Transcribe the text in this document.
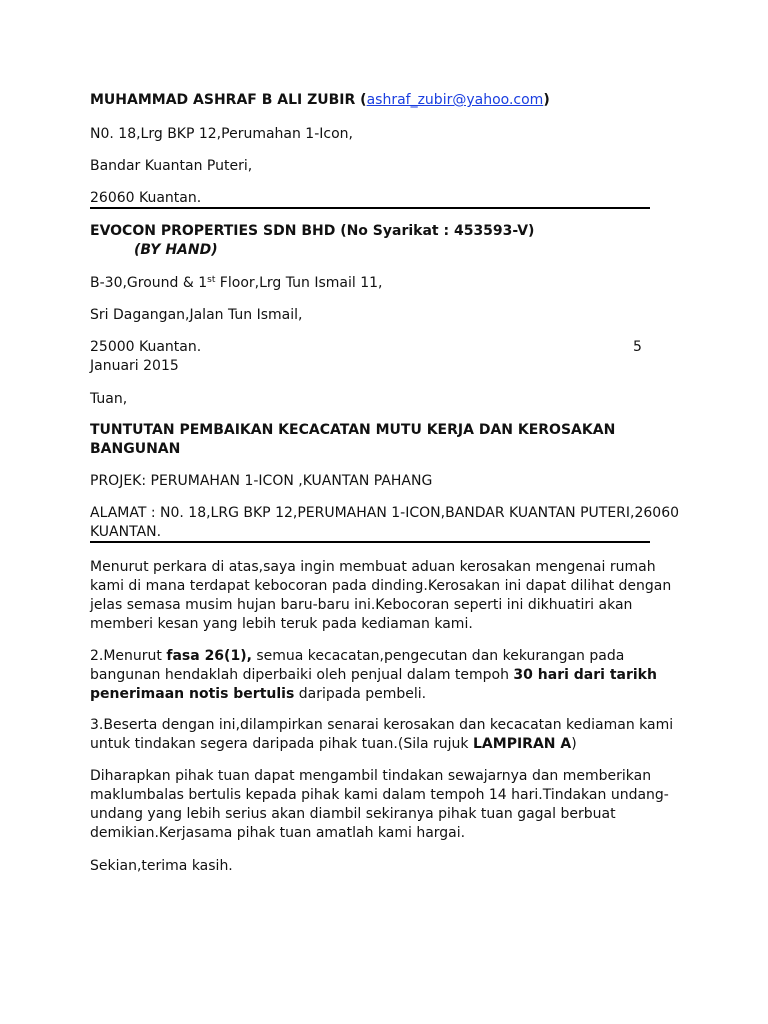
MUHAMMAD ASHRAF B ALI ZUBIR (ashraf_zubir@yahoo.com)
N0. 18,Lrg BKP 12,Perumahan 1-Icon,
Bandar Kuantan Puteri,
26060 Kuantan.
EVOCON PROPERTIES SDN BHD (No Syarikat : 453593-V)
(BY HAND)
B-30,Ground & 1st Floor,Lrg Tun Ismail 11,
Sri Dagangan,Jalan Tun Ismail,
25000 Kuantan.	5
Januari 2015
Tuan,
TUNTUTAN PEMBAIKAN KECACATAN MUTU KERJA DAN KEROSAKAN
BANGUNAN
PROJEK: PERUMAHAN 1-ICON ,KUANTAN PAHANG
ALAMAT : N0. 18,LRG BKP 12,PERUMAHAN 1-ICON,BANDAR KUANTAN PUTERI,26060
KUANTAN.
Menurut perkara di atas,saya ingin membuat aduan kerosakan mengenai rumah
kami di mana terdapat kebocoran pada dinding.Kerosakan ini dapat dilihat dengan
jelas semasa musim hujan baru-baru ini.Kebocoran seperti ini dikhuatiri akan
memberi kesan yang lebih teruk pada kediaman kami.
2.Menurut fasa 26(1), semua kecacatan,pengecutan dan kekurangan pada
bangunan hendaklah diperbaiki oleh penjual dalam tempoh 30 hari dari tarikh
penerimaan notis bertulis daripada pembeli.
3.Beserta dengan ini,dilampirkan senarai kerosakan dan kecacatan kediaman kami
untuk tindakan segera daripada pihak tuan.(Sila rujuk LAMPIRAN A)
Diharapkan pihak tuan dapat mengambil tindakan sewajarnya dan memberikan
maklumbalas bertulis kepada pihak kami dalam tempoh 14 hari.Tindakan undang-
undang yang lebih serius akan diambil sekiranya pihak tuan gagal berbuat
demikian.Kerjasama pihak tuan amatlah kami hargai.
Sekian,terima kasih.
